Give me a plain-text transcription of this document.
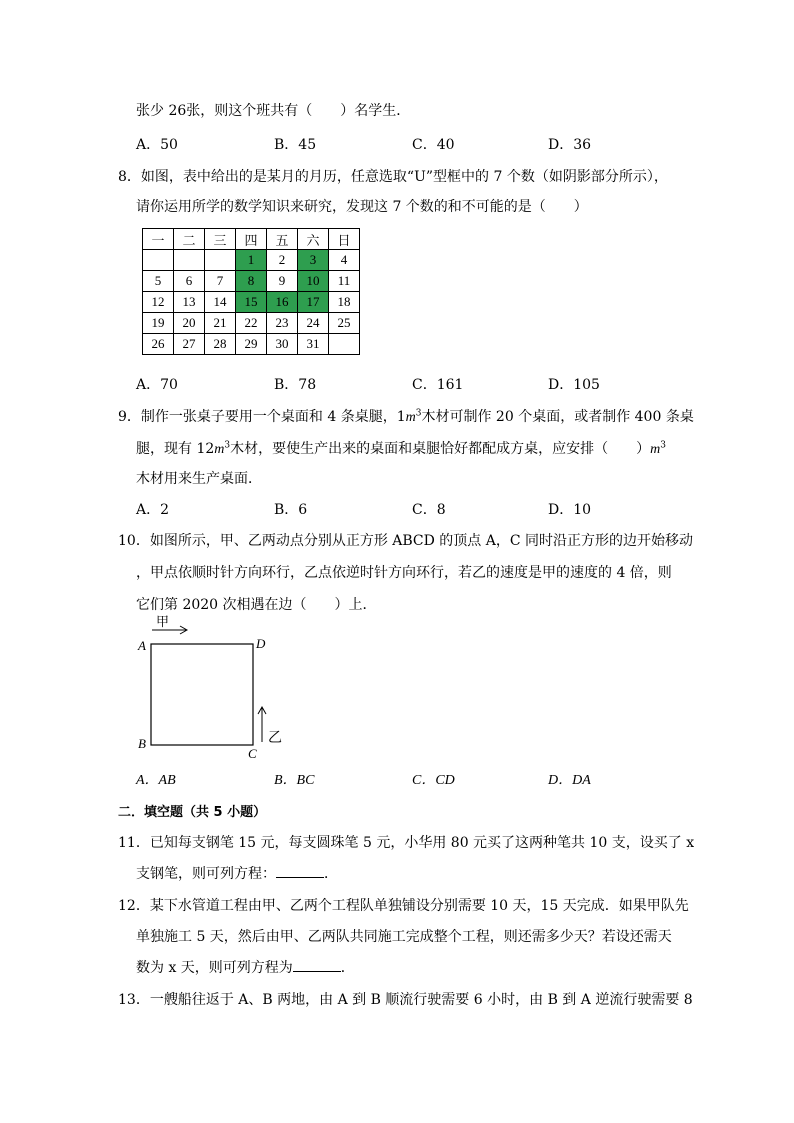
张少 26张，则这个班共有（　　）名学生．
A．50	B．45	C．40	D．36
8．如图，表中给出的是某月的月历，任意选取“U”型框中的 7 个数（如阴影部分所示），
请你运用所学的数学知识来研究，发现这 7 个数的和不可能的是（　　）
一	二	三	四	五	六	日
			1	2	3	4
5	6	7	8	9	10	11
12	13	14	15	16	17	18
19	20	21	22	23	24	25
26	27	28	29	30	31	
A．70	B．78	C．161	D．105
9．制作一张桌子要用一个桌面和 4 条桌腿，$1m^3$木材可制作 20 个桌面，或者制作 400 条桌
腿，现有 $12m^3$木材，要使生产出来的桌面和桌腿恰好都配成方桌，应安排（　　）$m^3$
木材用来生产桌面．
A．2	B．6	C．8	D．10
10．如图所示，甲、乙两动点分别从正方形 ABCD 的顶点 A，C 同时沿正方形的边开始移动
，甲点依顺时针方向环行，乙点依逆时针方向环行，若乙的速度是甲的速度的 4 倍，则
它们第 2020 次相遇在边（　　）上．
甲
A	D
B
C
乙
A．AB	B．BC	C．CD	D．DA
二．填空题（共 5 小题）
11．已知每支钢笔 15 元，每支圆珠笔 5 元，小华用 80 元买了这两种笔共 10 支，设买了 x
支钢笔，则可列方程：	．
12．某下水管道工程由甲、乙两个工程队单独铺设分别需要 10 天，15 天完成．如果甲队先
单独施工 5 天，然后由甲、乙两队共同施工完成整个工程，则还需多少天？若设还需天
数为 x 天，则可列方程为	．
13．一艘船往返于 A、B 两地，由 A 到 B 顺流行驶需要 6 小时，由 B 到 A 逆流行驶需要 8
